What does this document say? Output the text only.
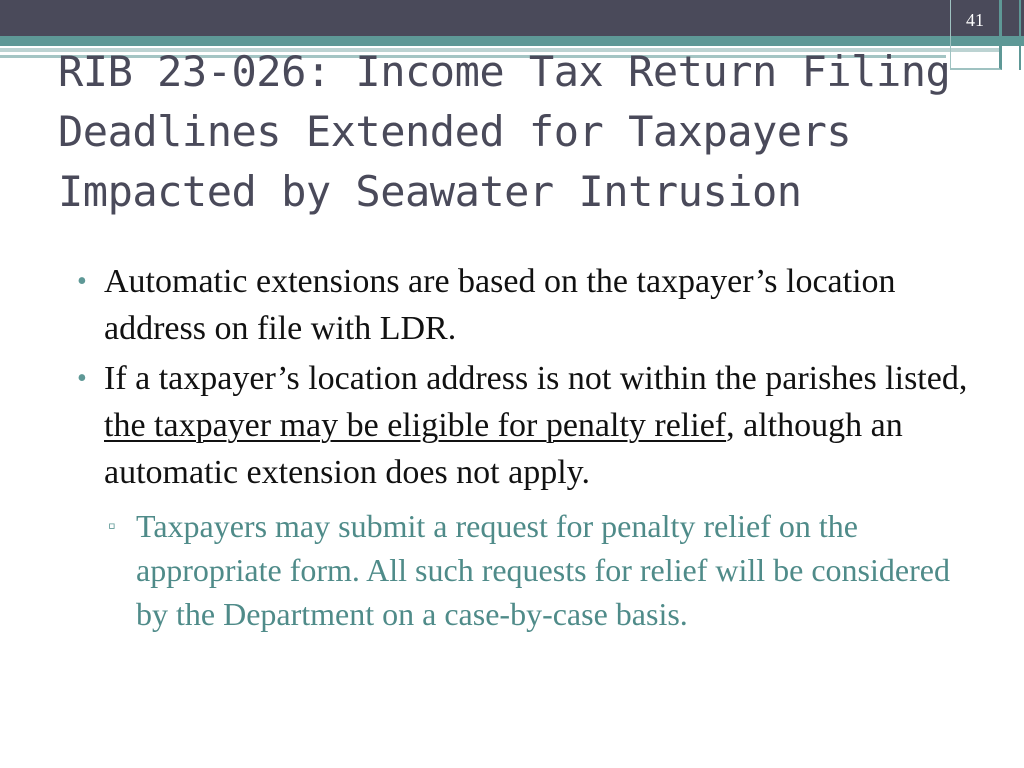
41
RIB 23-026: Income Tax Return Filing Deadlines Extended for Taxpayers Impacted by Seawater Intrusion
• Automatic extensions are based on the taxpayer’s location address on file with LDR.
• If a taxpayer’s location address is not within the parishes listed, the taxpayer may be eligible for penalty relief, although an automatic extension does not apply.
▫ Taxpayers may submit a request for penalty relief on the appropriate form. All such requests for relief will be considered by the Department on a case-by-case basis.
